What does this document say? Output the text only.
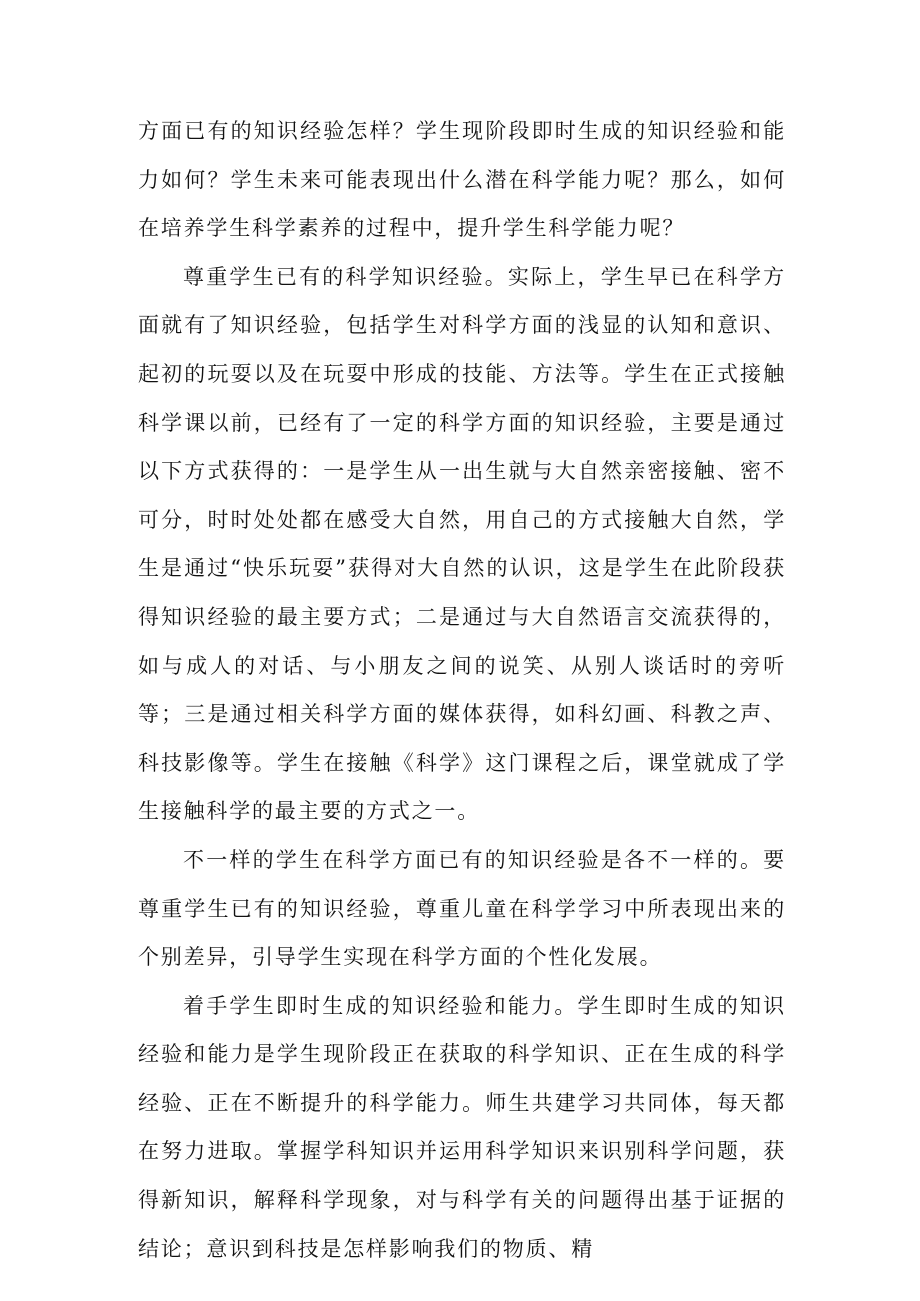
方面已有的知识经验怎样？学生现阶段即时生成的知识经验和能力如何？学生未来可能表现出什么潜在科学能力呢？那么，如何在培养学生科学素养的过程中，提升学生科学能力呢？

尊重学生已有的科学知识经验。实际上，学生早已在科学方面就有了知识经验，包括学生对科学方面的浅显的认知和意识、起初的玩耍以及在玩耍中形成的技能、方法等。学生在正式接触科学课以前，已经有了一定的科学方面的知识经验，主要是通过以下方式获得的：一是学生从一出生就与大自然亲密接触、密不可分，时时处处都在感受大自然，用自己的方式接触大自然，学生是通过“快乐玩耍”获得对大自然的认识，这是学生在此阶段获得知识经验的最主要方式；二是通过与大自然语言交流获得的，如与成人的对话、与小朋友之间的说笑、从别人谈话时的旁听等；三是通过相关科学方面的媒体获得，如科幻画、科教之声、科技影像等。学生在接触《科学》这门课程之后，课堂就成了学生接触科学的最主要的方式之一。

不一样的学生在科学方面已有的知识经验是各不一样的。要尊重学生已有的知识经验，尊重儿童在科学学习中所表现出来的个别差异，引导学生实现在科学方面的个性化发展。

着手学生即时生成的知识经验和能力。学生即时生成的知识经验和能力是学生现阶段正在获取的科学知识、正在生成的科学经验、正在不断提升的科学能力。师生共建学习共同体，每天都在努力进取。掌握学科知识并运用科学知识来识别科学问题，获得新知识，解释科学现象，对与科学有关的问题得出基于证据的结论；意识到科技是怎样影响我们的物质、精
